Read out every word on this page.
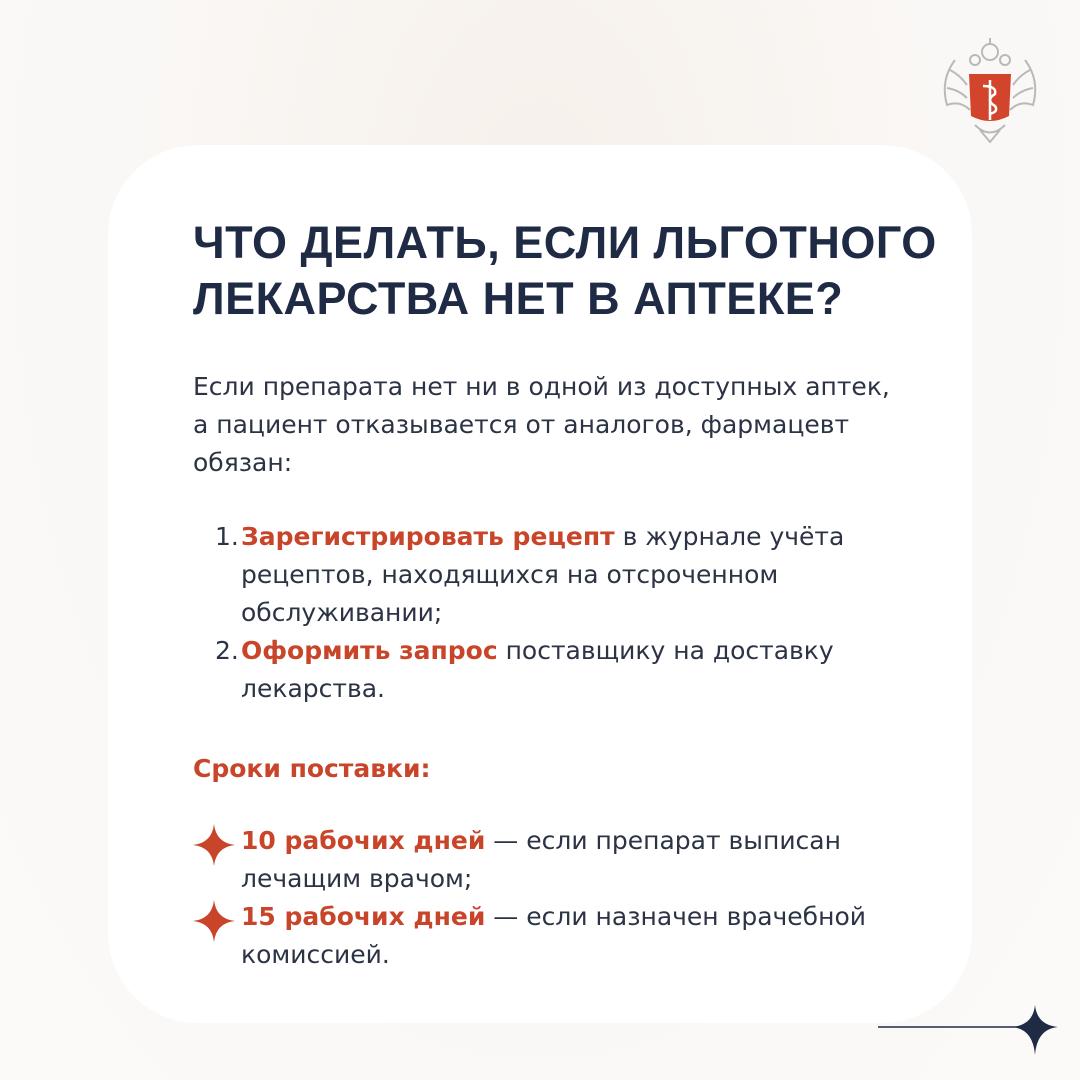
ЧТО ДЕЛАТЬ, ЕСЛИ ЛЬГОТНОГО
ЛЕКАРСТВА НЕТ В АПТЕКЕ?
Если препарата нет ни в одной из доступных аптек,
а пациент отказывается от аналогов, фармацевт
обязан:
1. Зарегистрировать рецепт в журнале учёта
рецептов, находящихся на отсроченном
обслуживании;
2. Оформить запрос поставщику на доставку
лекарства.
Сроки поставки:
10 рабочих дней — если препарат выписан
лечащим врачом;
15 рабочих дней — если назначен врачебной
комиссией.
